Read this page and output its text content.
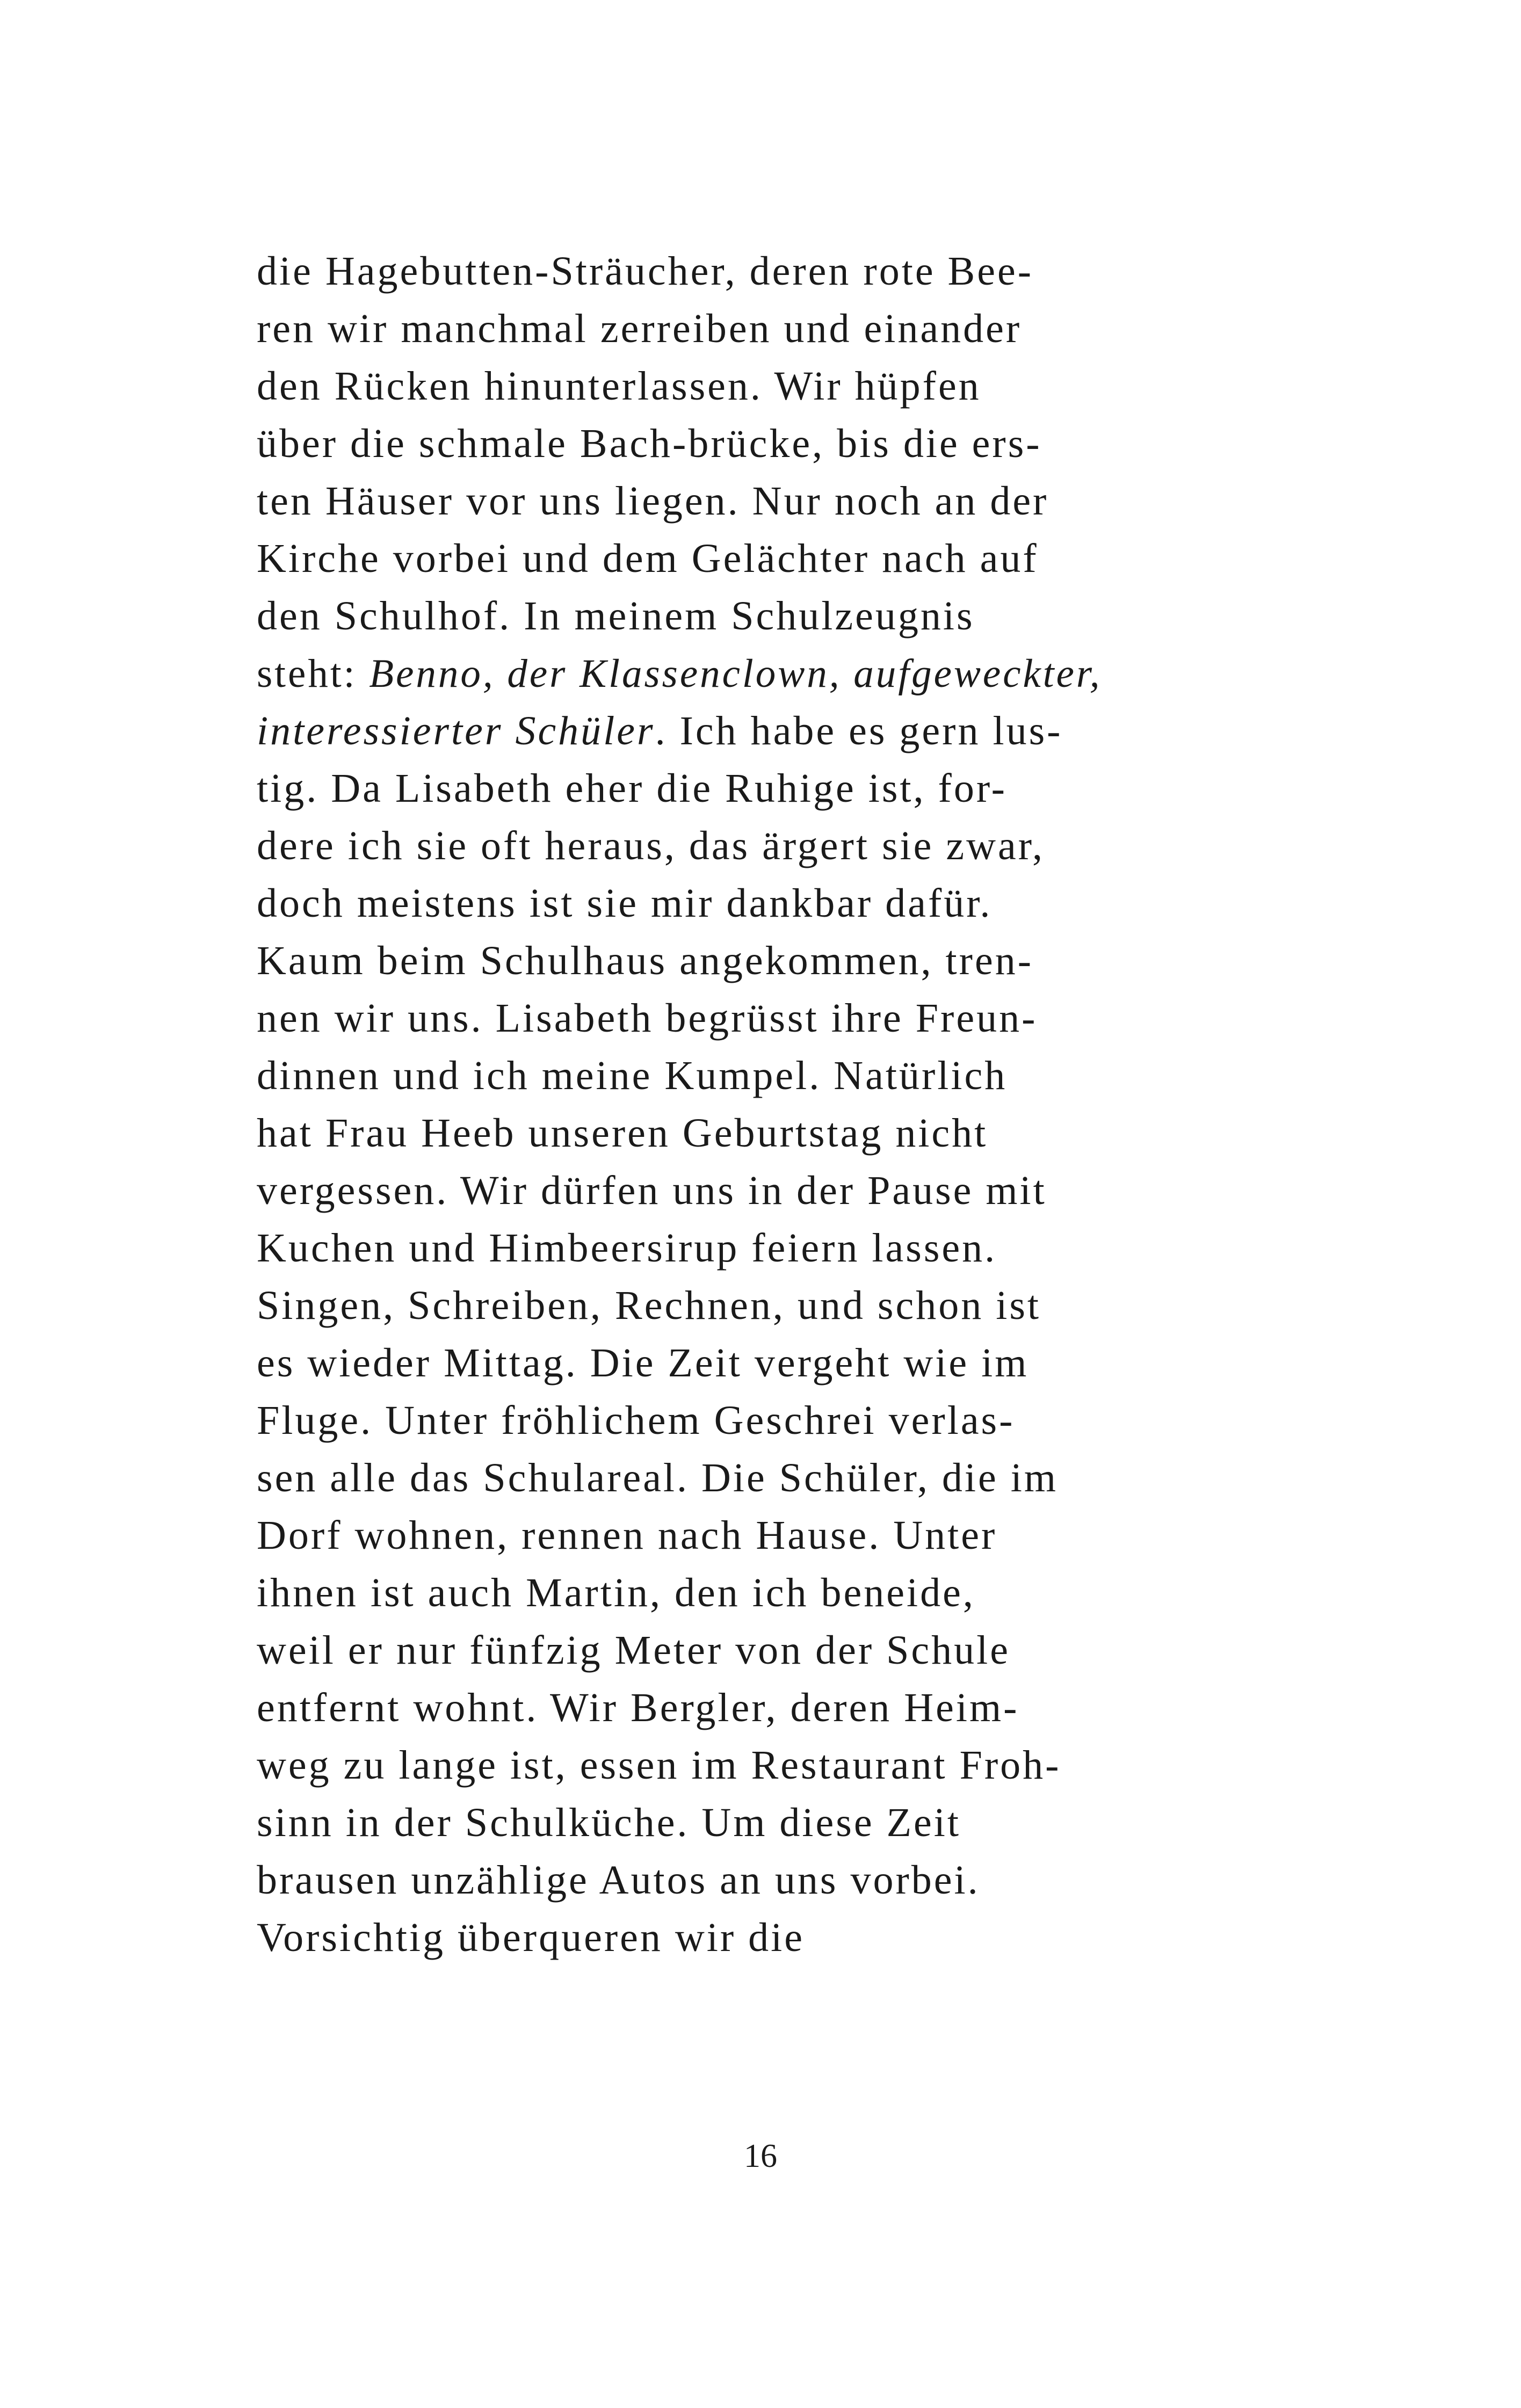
die Hagebutten-Sträucher, deren rote Bee-
ren wir manchmal zerreiben und einander
den Rücken hinunterlassen. Wir hüpfen
über die schmale Bach-brücke, bis die ers-
ten Häuser vor uns liegen. Nur noch an der
Kirche vorbei und dem Gelächter nach auf
den Schulhof. In meinem Schulzeugnis
steht: Benno, der Klassenclown, aufgeweckter,
interessierter Schüler. Ich habe es gern lus-
tig. Da Lisabeth eher die Ruhige ist, for-
dere ich sie oft heraus, das ärgert sie zwar,
doch meistens ist sie mir dankbar dafür.
Kaum beim Schulhaus angekommen, tren-
nen wir uns. Lisabeth begrüsst ihre Freun-
dinnen und ich meine Kumpel. Natürlich
hat Frau Heeb unseren Geburtstag nicht
vergessen. Wir dürfen uns in der Pause mit
Kuchen und Himbeersirup feiern lassen.
Singen, Schreiben, Rechnen, und schon ist
es wieder Mittag. Die Zeit vergeht wie im
Fluge. Unter fröhlichem Geschrei verlas-
sen alle das Schulareal. Die Schüler, die im
Dorf wohnen, rennen nach Hause. Unter
ihnen ist auch Martin, den ich beneide,
weil er nur fünfzig Meter von der Schule
entfernt wohnt. Wir Bergler, deren Heim-
weg zu lange ist, essen im Restaurant Froh-
sinn in der Schulküche. Um diese Zeit
brausen unzählige Autos an uns vorbei.
Vorsichtig überqueren wir die
16
